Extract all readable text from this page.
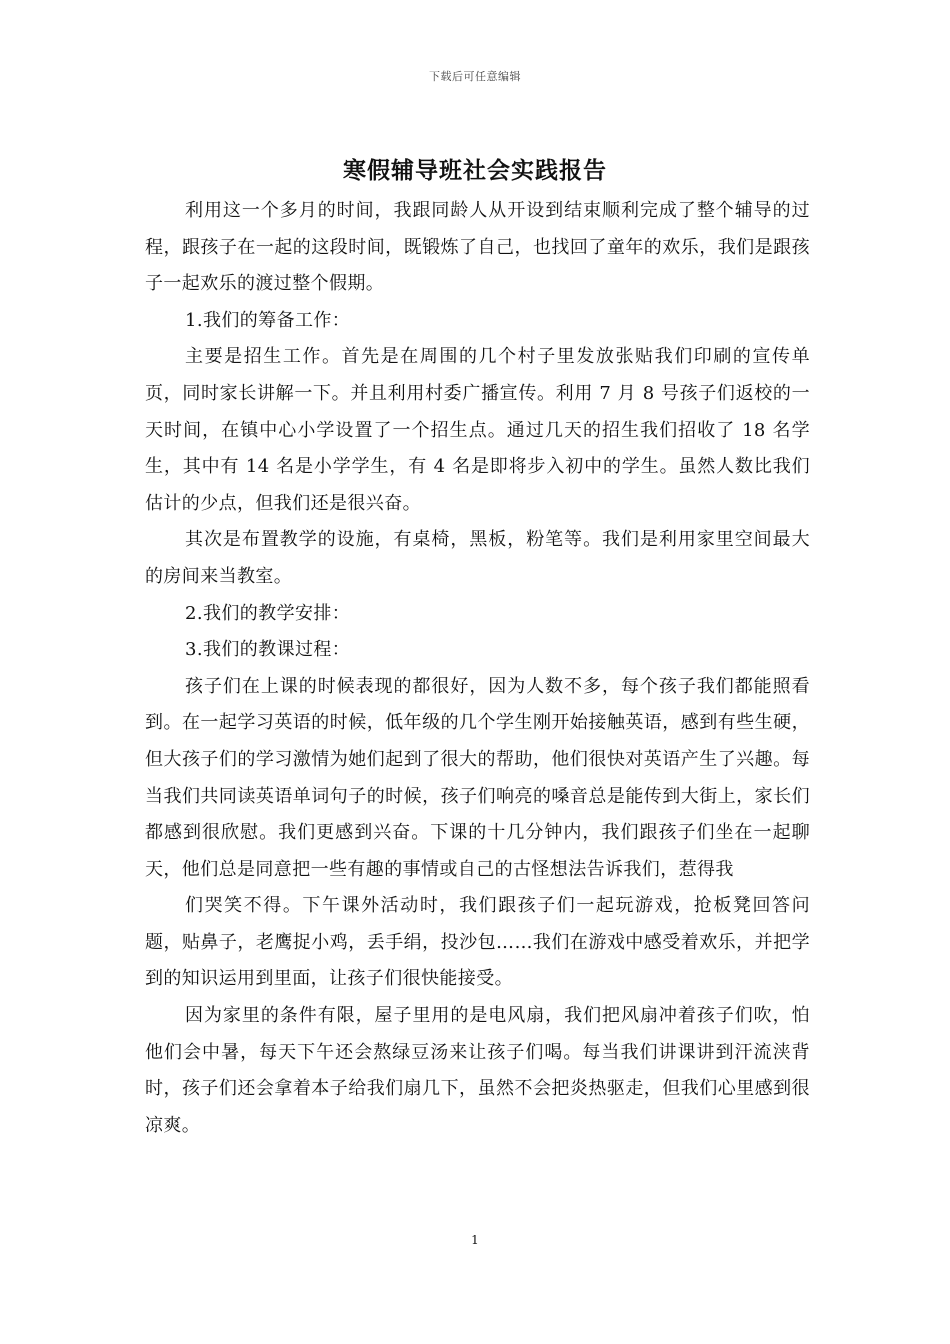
下载后可任意编辑
寒假辅导班社会实践报告

利用这一个多月的时间，我跟同龄人从开设到结束顺利完成了整个辅导的过程，跟孩子在一起的这段时间，既锻炼了自己，也找回了童年的欢乐，我们是跟孩子一起欢乐的渡过整个假期。

1.我们的筹备工作：

主要是招生工作。首先是在周围的几个村子里发放张贴我们印刷的宣传单页，同时家长讲解一下。并且利用村委广播宣传。利用 7 月 8 号孩子们返校的一天时间，在镇中心小学设置了一个招生点。通过几天的招生我们招收了 18 名学生，其中有 14 名是小学学生，有 4 名是即将步入初中的学生。虽然人数比我们估计的少点，但我们还是很兴奋。

其次是布置教学的设施，有桌椅，黑板，粉笔等。我们是利用家里空间最大的房间来当教室。

2.我们的教学安排：

3.我们的教课过程：

孩子们在上课的时候表现的都很好，因为人数不多，每个孩子我们都能照看到。在一起学习英语的时候，低年级的几个学生刚开始接触英语，感到有些生硬，但大孩子们的学习激情为她们起到了很大的帮助，他们很快对英语产生了兴趣。每当我们共同读英语单词句子的时候，孩子们响亮的嗓音总是能传到大街上，家长们都感到很欣慰。我们更感到兴奋。下课的十几分钟内，我们跟孩子们坐在一起聊天，他们总是同意把一些有趣的事情或自己的古怪想法告诉我们，惹得我

们哭笑不得。下午课外活动时，我们跟孩子们一起玩游戏，抢板凳回答问题，贴鼻子，老鹰捉小鸡，丢手绢，投沙包……我们在游戏中感受着欢乐，并把学到的知识运用到里面，让孩子们很快能接受。

因为家里的条件有限，屋子里用的是电风扇，我们把风扇冲着孩子们吹，怕他们会中暑，每天下午还会熬绿豆汤来让孩子们喝。每当我们讲课讲到汗流浃背时，孩子们还会拿着本子给我们扇几下，虽然不会把炎热驱走，但我们心里感到很凉爽。

1
